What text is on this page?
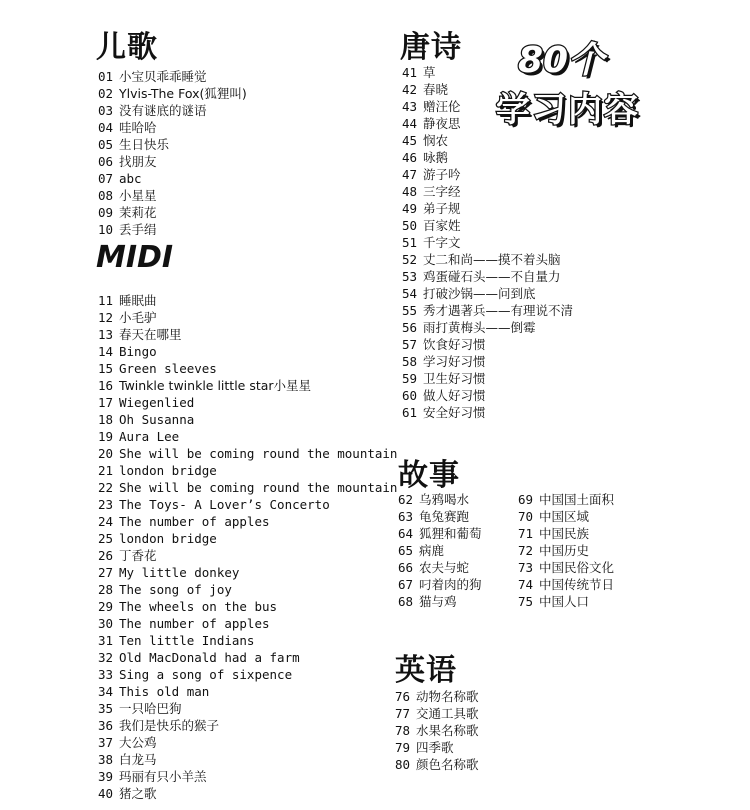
儿歌
MIDI
唐诗
故事
英语
80个
学习内容
01 小宝贝乖乖睡觉
02 Ylvis-The Fox(狐狸叫)
03 没有谜底的谜语
04 哇哈哈
05 生日快乐
06 找朋友
07 abc
08 小星星
09 茉莉花
10 丢手绢
11 睡眠曲
12 小毛驴
13 春天在哪里
14 Bingo
15 Green sleeves
16 Twinkle twinkle little star小星星
17 Wiegenlied
18 Oh Susanna
19 Aura Lee
20 She will be coming round the mountain
21 london bridge
22 She will be coming round the mountain
23 The Toys- A Lover’s Concerto
24 The number of apples
25 london bridge
26 丁香花
27 My little donkey
28 The song of joy
29 The wheels on the bus
30 The number of apples
31 Ten little Indians
32 Old MacDonald had a farm
33 Sing a song of sixpence
34 This old man
35 一只哈巴狗
36 我们是快乐的猴子
37 大公鸡
38 白龙马
39 玛丽有只小羊羔
40 猪之歌
41 草
42 春晓
43 赠汪伦
44 静夜思
45 悯农
46 咏鹅
47 游子吟
48 三字经
49 弟子规
50 百家姓
51 千字文
52 丈二和尚——摸不着头脑
53 鸡蛋碰石头——不自量力
54 打破沙锅——问到底
55 秀才遇著兵——有理说不清
56 雨打黄梅头——倒霉
57 饮食好习惯
58 学习好习惯
59 卫生好习惯
60 做人好习惯
61 安全好习惯
62 乌鸦喝水
63 龟兔赛跑
64 狐狸和葡萄
65 病鹿
66 农夫与蛇
67 叼着肉的狗
68 猫与鸡
69 中国国土面积
70 中国区域
71 中国民族
72 中国历史
73 中国民俗文化
74 中国传统节日
75 中国人口
76 动物名称歌
77 交通工具歌
78 水果名称歌
79 四季歌
80 颜色名称歌
